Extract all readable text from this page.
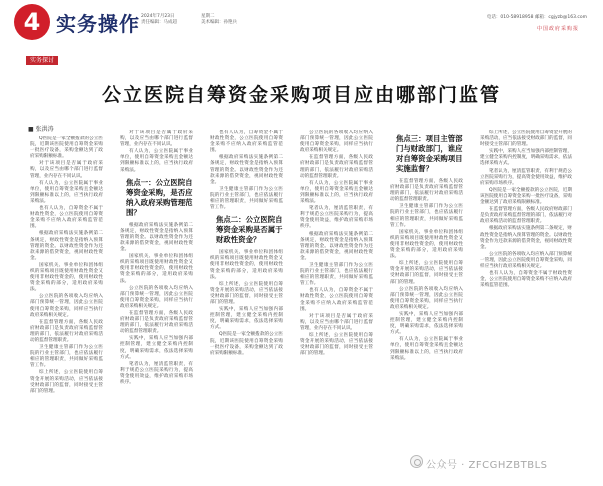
4 实务操作 2024年7月23日
责任编辑：马成超
星期二
美术编辑：孙艳兵
电话：010-58918958 邮箱：cgjyzb@163.com
中国政府采购报
实务探讨
公立医院自筹资金采购项目应由哪部门监管
■ 张洪涛

Q医院是一家全额拨款的公立医院，近期该医院使用自筹资金采购一批医疗设备，采购金额达到了政府采购限额标准。

对于该项目是否属于政府采购，以及应当由哪个部门进行监督管理，业内存在不同认识。

有人认为，公立医院属于事业单位，使用自筹资金采购且金额达到限额标准以上的，应当执行政府采购法。

也有人认为，自筹资金不属于财政性资金，公立医院使用自筹资金采购不应纳入政府采购监管范围。

根据政府采购法实施条例第二条规定，财政性资金是指纳入预算管理的资金。以财政性资金作为还款来源的借贷资金，视同财政性资金。

国家机关、事业单位和团体组织的采购项目既使用财政性资金又使用非财政性资金的，使用财政性资金采购的部分，适用政府采购法。

公立医院的各项收入均应纳入部门预算统一管理，因此公立医院使用自筹资金采购，同样应当执行政府采购相关规定。

在监督管理方面，各级人民政府财政部门是负责政府采购监督管理的部门，依法履行对政府采购活动的监督管理职责。

卫生健康主管部门作为公立医院的行业主管部门，也应依法履行相应的管理职责，共同做好采购监管工作。

综上所述，公立医院使用自筹资金开展的采购活动，应当依法接受财政部门的监督，同时接受主管部门的管理。

对于该项目是否属于政府采购，以及应当由哪个部门进行监督管理，业内存在不同认识。

有人认为，公立医院属于事业单位，使用自筹资金采购且金额达到限额标准以上的，应当执行政府采购法。

焦点一：公立医院自筹资金采购，是否应纳入政府采购管理范围？

根据政府采购法实施条例第二条规定，财政性资金是指纳入预算管理的资金。以财政性资金作为还款来源的借贷资金，视同财政性资金。

国家机关、事业单位和团体组织的采购项目既使用财政性资金又使用非财政性资金的，使用财政性资金采购的部分，适用政府采购法。

公立医院的各项收入均应纳入部门预算统一管理，因此公立医院使用自筹资金采购，同样应当执行政府采购相关规定。

在监督管理方面，各级人民政府财政部门是负责政府采购监督管理的部门，依法履行对政府采购活动的监督管理职责。

实践中，采购人应当加强内部控制管理，建立健全采购内控制度，明确采购需求，依法选择采购方式。

笔者认为，厘清监管职责，有利于规范公立医院采购行为，提高资金使用效益，维护政府采购市场秩序。

也有人认为，自筹资金不属于财政性资金，公立医院使用自筹资金采购不应纳入政府采购监管范围。

根据政府采购法实施条例第二条规定，财政性资金是指纳入预算管理的资金。以财政性资金作为还款来源的借贷资金，视同财政性资金。

卫生健康主管部门作为公立医院的行业主管部门，也应依法履行相应的管理职责，共同做好采购监管工作。

焦点二：公立医院自筹资金采购是否属于财政性资金？

国家机关、事业单位和团体组织的采购项目既使用财政性资金又使用非财政性资金的，使用财政性资金采购的部分，适用政府采购法。

综上所述，公立医院使用自筹资金开展的采购活动，应当依法接受财政部门的监督，同时接受主管部门的管理。

实践中，采购人应当加强内部控制管理，建立健全采购内控制度，明确采购需求，依法选择采购方式。

Q医院是一家全额拨款的公立医院，近期该医院使用自筹资金采购一批医疗设备，采购金额达到了政府采购限额标准。

公立医院的各项收入均应纳入部门预算统一管理，因此公立医院使用自筹资金采购，同样应当执行政府采购相关规定。

在监督管理方面，各级人民政府财政部门是负责政府采购监督管理的部门，依法履行对政府采购活动的监督管理职责。

有人认为，公立医院属于事业单位，使用自筹资金采购且金额达到限额标准以上的，应当执行政府采购法。

笔者认为，厘清监管职责，有利于规范公立医院采购行为，提高资金使用效益，维护政府采购市场秩序。

根据政府采购法实施条例第二条规定，财政性资金是指纳入预算管理的资金。以财政性资金作为还款来源的借贷资金，视同财政性资金。

卫生健康主管部门作为公立医院的行业主管部门，也应依法履行相应的管理职责，共同做好采购监管工作。

也有人认为，自筹资金不属于财政性资金，公立医院使用自筹资金采购不应纳入政府采购监管范围。

对于该项目是否属于政府采购，以及应当由哪个部门进行监督管理，业内存在不同认识。

综上所述，公立医院使用自筹资金开展的采购活动，应当依法接受财政部门的监督，同时接受主管部门的管理。

焦点三：项目主管部门与财政部门，谁应对自筹资金采购项目实施监督？

在监督管理方面，各级人民政府财政部门是负责政府采购监督管理的部门，依法履行对政府采购活动的监督管理职责。

卫生健康主管部门作为公立医院的行业主管部门，也应依法履行相应的管理职责，共同做好采购监管工作。

国家机关、事业单位和团体组织的采购项目既使用财政性资金又使用非财政性资金的，使用财政性资金采购的部分，适用政府采购法。

综上所述，公立医院使用自筹资金开展的采购活动，应当依法接受财政部门的监督，同时接受主管部门的管理。

公立医院的各项收入均应纳入部门预算统一管理，因此公立医院使用自筹资金采购，同样应当执行政府采购相关规定。

实践中，采购人应当加强内部控制管理，建立健全采购内控制度，明确采购需求，依法选择采购方式。

有人认为，公立医院属于事业单位，使用自筹资金采购且金额达到限额标准以上的，应当执行政府采购法。

综上所述，公立医院使用自筹资金开展的采购活动，应当依法接受财政部门的监督，同时接受主管部门的管理。

实践中，采购人应当加强内部控制管理，建立健全采购内控制度，明确采购需求，依法选择采购方式。

笔者认为，厘清监管职责，有利于规范公立医院采购行为，提高资金使用效益，维护政府采购市场秩序。

Q医院是一家全额拨款的公立医院，近期该医院使用自筹资金采购一批医疗设备，采购金额达到了政府采购限额标准。

在监督管理方面，各级人民政府财政部门是负责政府采购监督管理的部门，依法履行对政府采购活动的监督管理职责。

根据政府采购法实施条例第二条规定，财政性资金是指纳入预算管理的资金。以财政性资金作为还款来源的借贷资金，视同财政性资金。

公立医院的各项收入均应纳入部门预算统一管理，因此公立医院使用自筹资金采购，同样应当执行政府采购相关规定。

也有人认为，自筹资金不属于财政性资金，公立医院使用自筹资金采购不应纳入政府采购监管范围。

公众号 · ZFCGHZBTBLS
